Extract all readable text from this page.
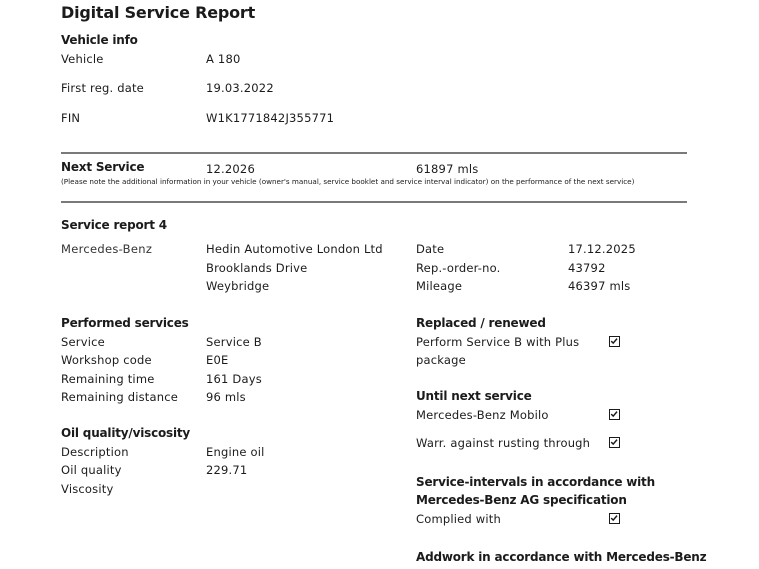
Digital Service Report
Vehicle info
Vehicle	A 180
First reg. date	19.03.2022
FIN	W1K1771842J355771
Next Service	12.2026	61897 mls
(Please note the additional information in your vehicle (owner's manual, service booklet and service interval indicator) on the performance of the next service)
Service report 4
Mercedes-Benz	Hedin Automotive London Ltd
Brooklands Drive
Weybridge
Date	17.12.2025
Rep.-order-no.	43792
Mileage	46397 mls
Performed services
Service	Service B
Workshop code	E0E
Remaining time	161 Days
Remaining distance 96 mls
Oil quality/viscosity
Description	Engine oil
Oil quality	229.71
Viscosity
Replaced / renewed
Perform Service B with Plus
package
Until next service
Mercedes-Benz Mobilo
Warr. against rusting through
Service-intervals in accordance with
Mercedes-Benz AG specification
Complied with
Addwork in accordance with Mercedes-Benz
